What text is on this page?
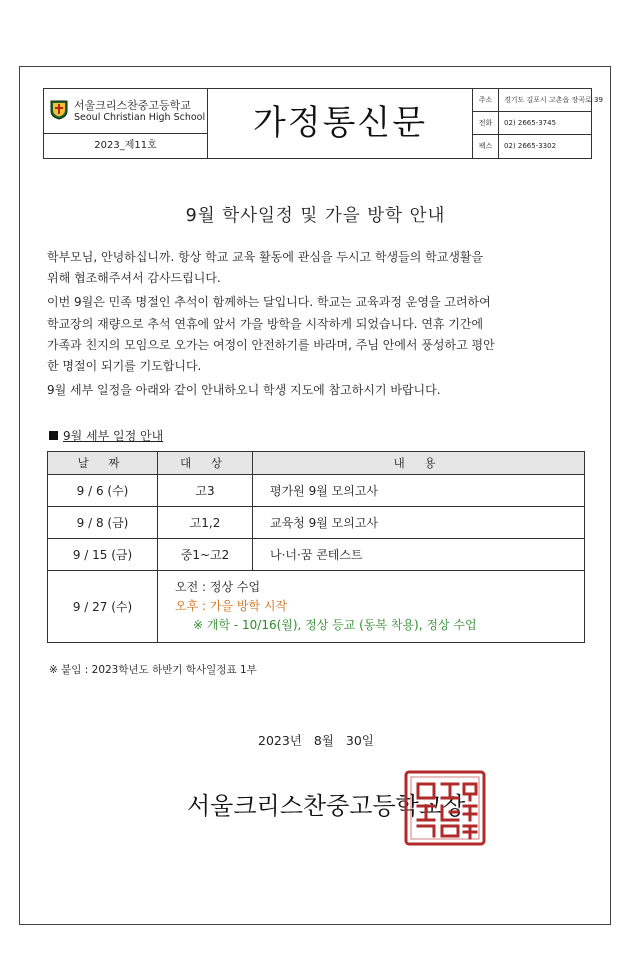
서울크리스찬중고등학교
Seoul Christian High School
2023_제11호
가정통신문
주소	경기도 김포시 고촌읍 장곡로 39
전화	02) 2665-3745
팩스	02) 2665-3302
9월 학사일정 및 가을 방학 안내

학부모님, 안녕하십니까. 항상 학교 교육 활동에 관심을 두시고 학생들의 학교생활을

위해 협조해주셔서 감사드립니다.

이번 9월은 민족 명절인 추석이 함께하는 달입니다. 학교는 교육과정 운영을 고려하여

학교장의 재량으로 추석 연휴에 앞서 가을 방학을 시작하게 되었습니다. 연휴 기간에

가족과 친지의 모임으로 오가는 여정이 안전하기를 바라며, 주님 안에서 풍성하고 평안

한 명절이 되기를 기도합니다.

9월 세부 일정을 아래와 같이 안내하오니 학생 지도에 참고하시기 바랍니다.

9월 세부 일정 안내
날 짜	대 상	내 용
9 / 6 (수)	고3	평가원 9월 모의고사
9 / 8 (금)	고1,2	교육청 9월 모의고사
9 / 15 (금)	중1~고2	나·너·꿈 콘테스트
9 / 27 (수)	오전 : 정상 수업
오후 : 가을 방학 시작
※ 개학 - 10/16(월), 정상 등교 (동복 착용), 정상 수업	
※ 붙임 : 2023학년도 하반기 학사일정표 1부
2023년 8월 30일
서울크리스찬중고등학교장
